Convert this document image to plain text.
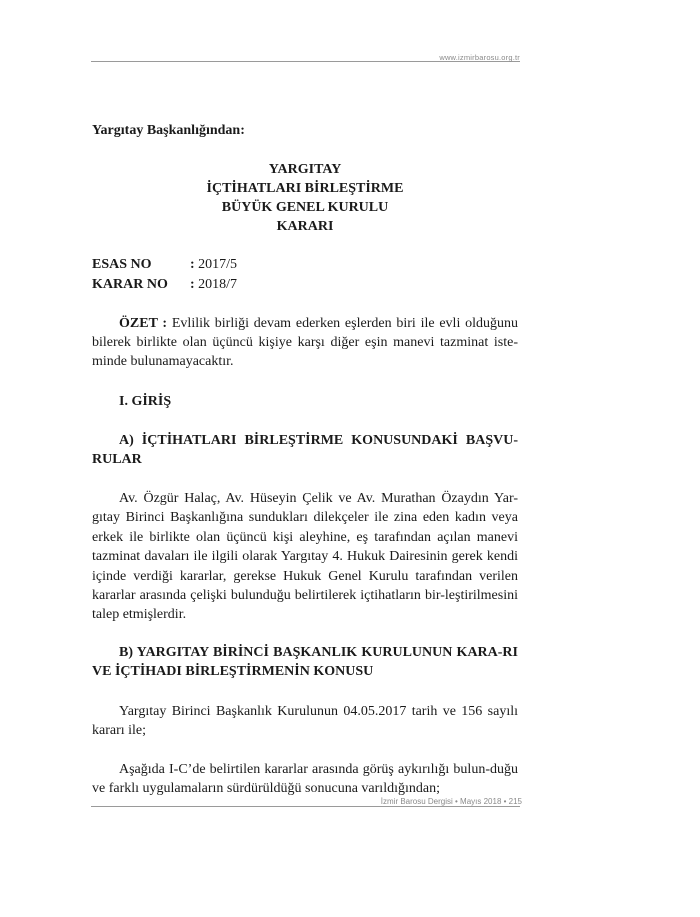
www.izmirbarosu.org.tr
Yargıtay Başkanlığından:
YARGITAY
İÇTİHATLARI BİRLEŞTİRME
BÜYÜK GENEL KURULU
KARARI
ESAS NO	: 2017/5
KARAR NO : 2018/7
ÖZET : Evlilik birliği devam ederken eşlerden biri ile evli olduğunu bilerek birlikte olan üçüncü kişiye karşı diğer eşin manevi tazminat iste-minde bulunamayacaktır.
I. GİRİŞ
A) İÇTİHATLARI BİRLEŞTİRME KONUSUNDAKİ BAŞVU-RULAR
Av. Özgür Halaç, Av. Hüseyin Çelik ve Av. Murathan Özaydın Yar-gıtay Birinci Başkanlığına sundukları dilekçeler ile zina eden kadın veya erkek ile birlikte olan üçüncü kişi aleyhine, eş tarafından açılan manevi tazminat davaları ile ilgili olarak Yargıtay 4. Hukuk Dairesinin gerek kendi içinde verdiği kararlar, gerekse Hukuk Genel Kurulu tarafından verilen kararlar arasında çelişki bulunduğu belirtilerek içtihatların bir-leştirilmesini talep etmişlerdir.
B) YARGITAY BİRİNCİ BAŞKANLIK KURULUNUN KARA-RI VE İÇTİHADI BİRLEŞTİRMENİN KONUSU
Yargıtay Birinci Başkanlık Kurulunun 04.05.2017 tarih ve 156 sayılı kararı ile;
Aşağıda I-C’de belirtilen kararlar arasında görüş aykırılığı bulun-duğu ve farklı uygulamaların sürdürüldüğü sonucuna varıldığından;
İzmir Barosu Dergisi • Mayıs 2018 • 215
